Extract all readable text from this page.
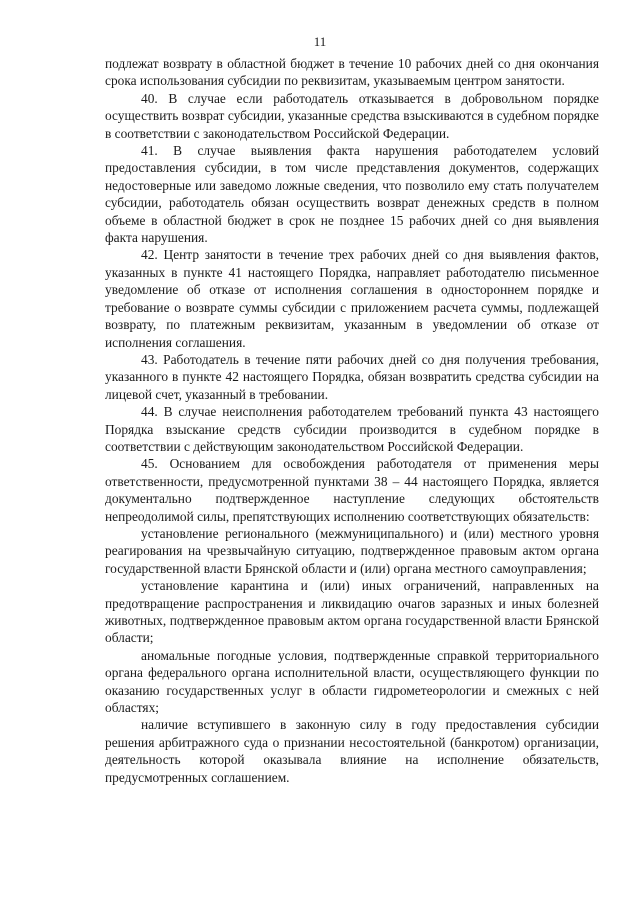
11

подлежат возврату в областной бюджет в течение 10 рабочих дней со дня окончания срока использования субсидии по реквизитам, указываемым центром занятости.

40. В случае если работодатель отказывается в добровольном порядке осуществить возврат субсидии, указанные средства взыскиваются в судебном порядке в соответствии с законодательством Российской Федерации.

41. В случае выявления факта нарушения работодателем условий предоставления субсидии, в том числе представления документов, содержащих недостоверные или заведомо ложные сведения, что позволило ему стать получателем субсидии, работодатель обязан осуществить возврат денежных средств в полном объеме в областной бюджет в срок не позднее 15 рабочих дней со дня выявления факта нарушения.

42. Центр занятости в течение трех рабочих дней со дня выявления фактов, указанных в пункте 41 настоящего Порядка, направляет работодателю письменное уведомление об отказе от исполнения соглашения в одностороннем порядке и требование о возврате суммы субсидии с приложением расчета суммы, подлежащей возврату, по платежным реквизитам, указанным в уведомлении об отказе от исполнения соглашения.

43. Работодатель в течение пяти рабочих дней со дня получения требования, указанного в пункте 42 настоящего Порядка, обязан возвратить средства субсидии на лицевой счет, указанный в требовании.

44. В случае неисполнения работодателем требований пункта 43 настоящего Порядка взыскание средств субсидии производится в судебном порядке в соответствии с действующим законодательством Российской Федерации.

45. Основанием для освобождения работодателя от применения меры ответственности, предусмотренной пунктами 38 – 44 настоящего Порядка, является документально подтвержденное наступление следующих обстоятельств непреодолимой силы, препятствующих исполнению соответствующих обязательств:

установление регионального (межмуниципального) и (или) местного уровня реагирования на чрезвычайную ситуацию, подтвержденное правовым актом органа государственной власти Брянской области и (или) органа местного самоуправления;

установление карантина и (или) иных ограничений, направленных на предотвращение распространения и ликвидацию очагов заразных и иных болезней животных, подтвержденное правовым актом органа государственной власти Брянской области;

аномальные погодные условия, подтвержденные справкой территориального органа федерального органа исполнительной власти, осуществляющего функции по оказанию государственных услуг в области гидрометеорологии и смежных с ней областях;

наличие вступившего в законную силу в году предоставления субсидии решения арбитражного суда о признании несостоятельной (банкротом) организации, деятельность которой оказывала влияние на исполнение обязательств, предусмотренных соглашением.
